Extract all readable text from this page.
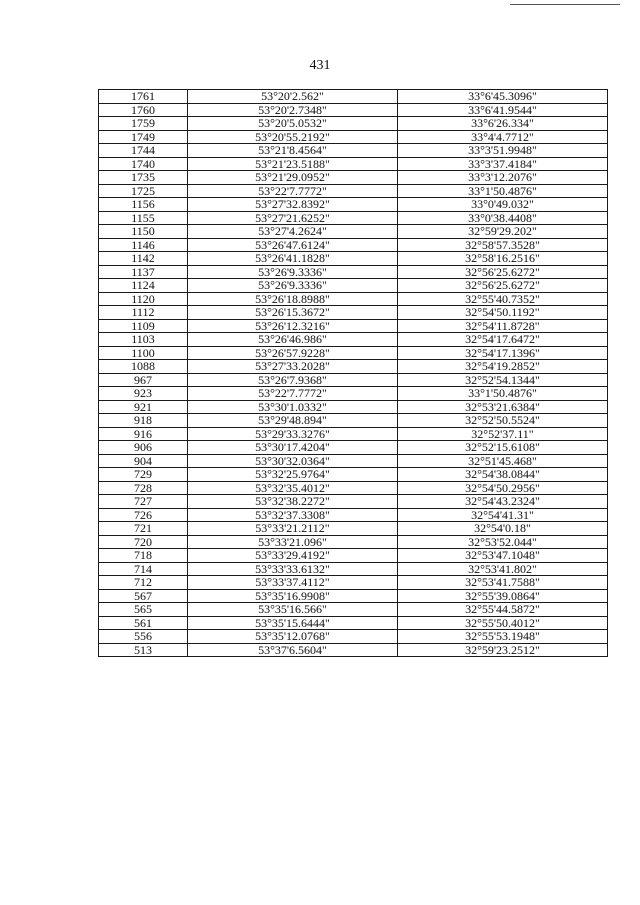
431
1761	53°20'2.562"	33°6'45.3096"
1760	53°20'2.7348"	33°6'41.9544"
1759	53°20'5.0532"	33°6'26.334"
1749	53°20'55.2192"	33°4'4.7712"
1744	53°21'8.4564"	33°3'51.9948"
1740	53°21'23.5188"	33°3'37.4184"
1735	53°21'29.0952"	33°3'12.2076"
1725	53°22'7.7772"	33°1'50.4876"
1156	53°27'32.8392"	33°0'49.032"
1155	53°27'21.6252"	33°0'38.4408"
1150	53°27'4.2624"	32°59'29.202"
1146	53°26'47.6124"	32°58'57.3528"
1142	53°26'41.1828"	32°58'16.2516"
1137	53°26'9.3336"	32°56'25.6272"
1124	53°26'9.3336"	32°56'25.6272"
1120	53°26'18.8988"	32°55'40.7352"
1112	53°26'15.3672"	32°54'50.1192"
1109	53°26'12.3216"	32°54'11.8728"
1103	53°26'46.986"	32°54'17.6472"
1100	53°26'57.9228"	32°54'17.1396"
1088	53°27'33.2028"	32°54'19.2852"
967	53°26'7.9368"	32°52'54.1344"
923	53°22'7.7772"	33°1'50.4876"
921	53°30'1.0332"	32°53'21.6384"
918	53°29'48.894"	32°52'50.5524"
916	53°29'33.3276"	32°52'37.11"
906	53°30'17.4204"	32°52'15.6108"
904	53°30'32.0364"	32°51'45.468"
729	53°32'25.9764"	32°54'38.0844"
728	53°32'35.4012"	32°54'50.2956"
727	53°32'38.2272"	32°54'43.2324"
726	53°32'37.3308"	32°54'41.31"
721	53°33'21.2112"	32°54'0.18"
720	53°33'21.096"	32°53'52.044"
718	53°33'29.4192"	32°53'47.1048"
714	53°33'33.6132"	32°53'41.802"
712	53°33'37.4112"	32°53'41.7588"
567	53°35'16.9908"	32°55'39.0864"
565	53°35'16.566"	32°55'44.5872"
561	53°35'15.6444"	32°55'50.4012"
556	53°35'12.0768"	32°55'53.1948"
513	53°37'6.5604"	32°59'23.2512"
